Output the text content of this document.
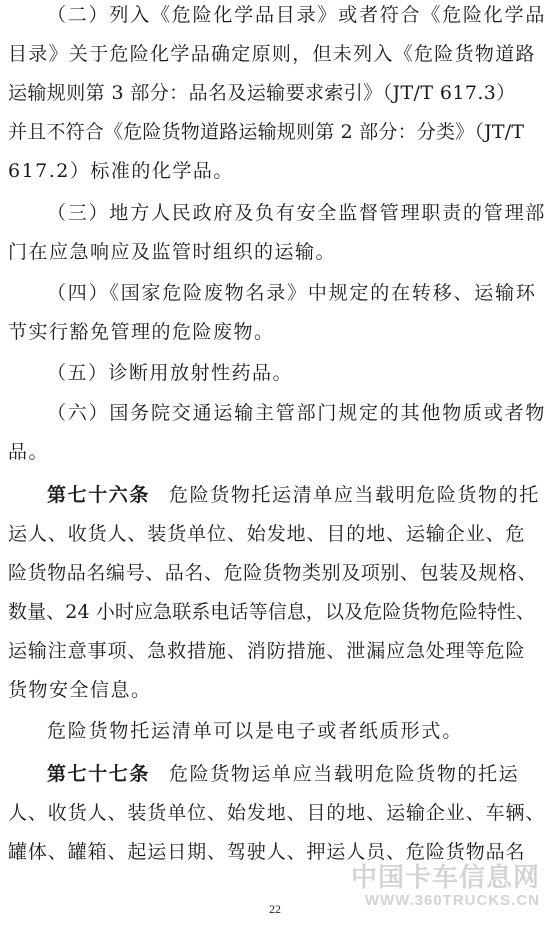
（二）列入《危险化学品目录》或者符合《危险化学品
目录》关于危险化学品确定原则，但未列入《危险货物道路
运输规则第 3 部分：品名及运输要求索引》（JT/T 617.3）
并且不符合《危险货物道路运输规则第 2 部分：分类》（JT/T
617.2）标准的化学品。
（三）地方人民政府及负有安全监督管理职责的管理部
门在应急响应及监管时组织的运输。
（四）《国家危险废物名录》中规定的在转移、运输环
节实行豁免管理的危险废物。
（五）诊断用放射性药品。
（六）国务院交通运输主管部门规定的其他物质或者物
品。
第七十六条 危险货物托运清单应当载明危险货物的托
运人、收货人、装货单位、始发地、目的地、运输企业、危
险货物品名编号、品名、危险货物类别及项别、包装及规格、
数量、24 小时应急联系电话等信息，以及危险货物危险特性、
运输注意事项、急救措施、消防措施、泄漏应急处理等危险
货物安全信息。
危险货物托运清单可以是电子或者纸质形式。
第七十七条 危险货物运单应当载明危险货物的托运
人、收货人、装货单位、始发地、目的地、运输企业、车辆、
罐体、罐箱、起运日期、驾驶人、押运人员、危险货物品名
22
中国卡车信息网
WWW.360TRUCKS.CN
